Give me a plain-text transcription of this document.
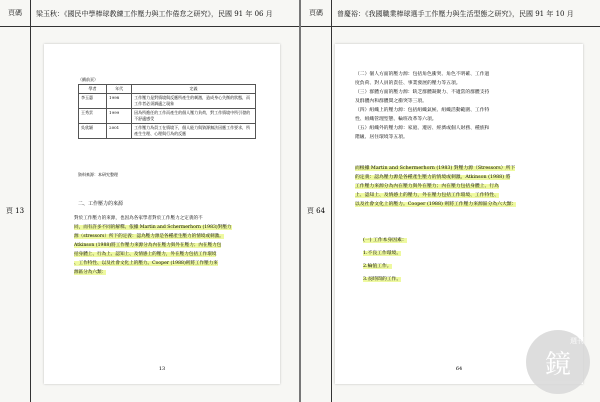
頁碼	梁玉秋：《國民中學棒球教練工作壓力與工作倦怠之研究》，民國 91 年 06 月
頁 13
（續前頁）
學者	年代	定義
李玉惠	1998	工作壓力是對情境與反應所產生的刺激，造成身心失衡的狀態，而工作者必須調適之現象
王秀雲	1999	因為所擔任的工作而產生的個人壓力負荷，對工作情境中所引發的不舒適感受
吳欣穎	2001	工作壓力為員工在情境下，個人能力與資源無法因應工作要求，所產生生理、心理與行為的反應
資料來源：本研究整理
二、工作壓力的來源
對於工作壓力的來源，也因為各家學者對於工作壓力之定義的不
同，而有許多不同的解釋。依據 Martin and Schermerhorn (1983)對壓力
源（stressors）所下的定義：認為壓力源是各種產生壓力的情境或刺激。
Atkinson (1988)將工作壓力來源分為內在壓力與外在壓力；內在壓力包
括身體上、行為上、認知上、及情感上的壓力，外在壓力包括工作環境
、工作特性、以及社會文化上的壓力。Cooper (1988)則將工作壓力來
源區分為六類：
13
頁碼	曾慶裕：《我國職業棒球選手工作壓力與生活型態之研究》，民國 91 年 10 月
頁 64
（二）個人方面的壓力源：包括角色衝突、角色不明確、工作過
度負荷、對人員的責任、事業發展的壓力等五項。
（三）群體方面的壓力源：缺乏群體凝聚力、不適當的群體支持
及群體內和群體間之衝突等三項。
（四）組織上的壓力源：包括組織氣候、組織活動範圍、工作特
性、組織管理型態、輪班改革等六項。
（五）組織外的壓力源：家庭、遷居、經濟或個人財務、種族和
階級、居住環境等五項。
而根據 Martin and Schermerhorn (1983) 對壓力源（Stressors）所下
的定義：認為壓力源是各種產生壓力的情境或刺激。Atkinson (1988) 將
工作壓力來源分為內在壓力與外在壓力；內在壓力包括身體上、行為
上、認知上、及情感上的壓力，外在壓力包括工作環境、工作特性、
以及社會文化上的壓力。Cooper (1988) 則將工作壓力來源區分為六大類：
(一) 工作本身因素：
1.不良工作環境。
2.輪值工作。
3.長時間的工作。
64
週刊
鏡
